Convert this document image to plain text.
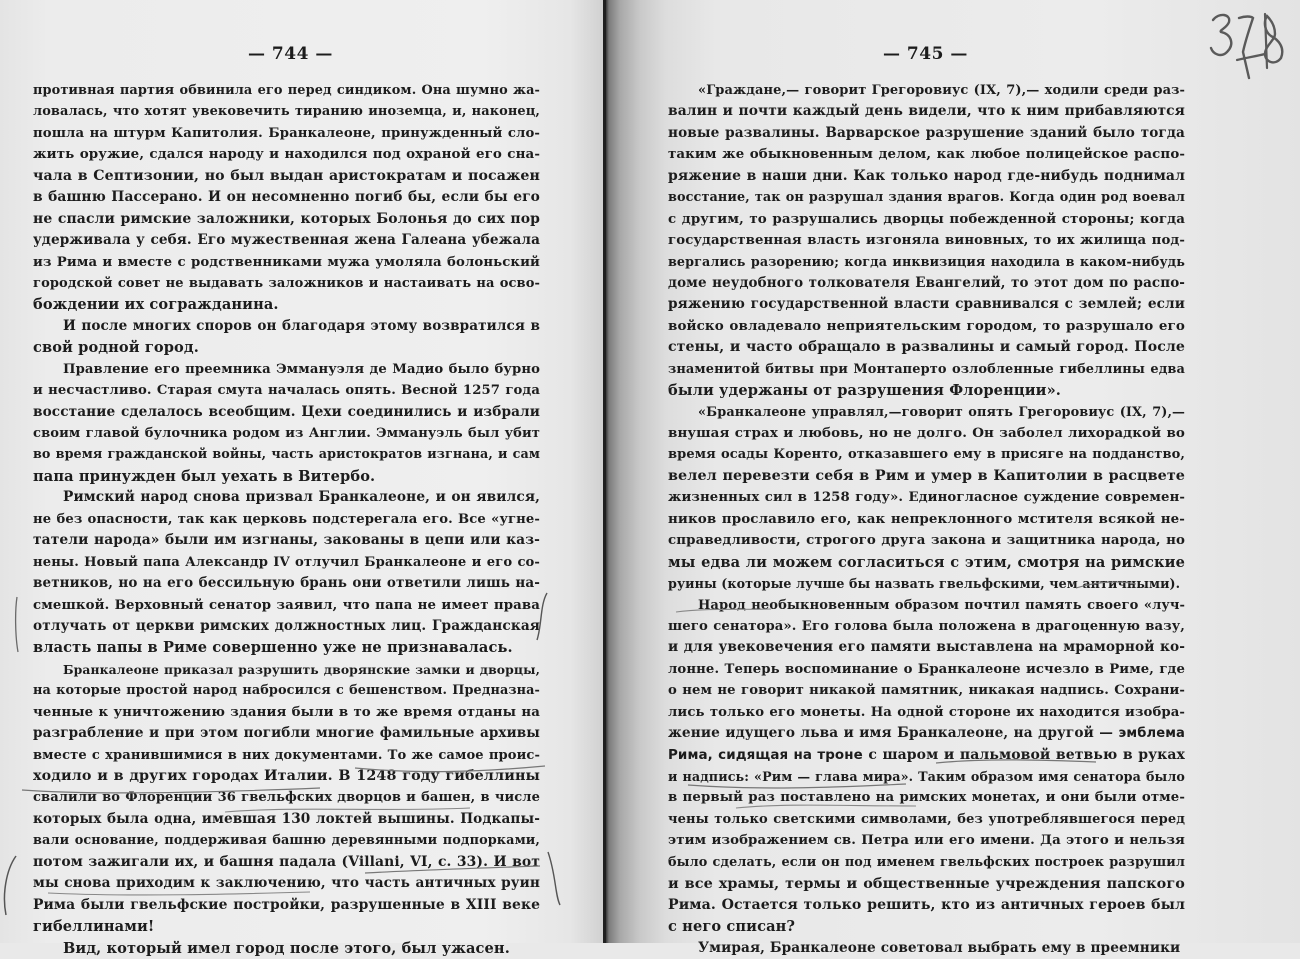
— 744 —
противная партия обвинила его перед синдиком. Она шумно жа-
ловалась, что хотят увековечить тиранию иноземца, и, наконец,
пошла на штурм Капитолия. Бранкалеоне, принужденный сло-
жить оружие, сдался народу и находился под охраной его сна-
чала в Септизонии, но был выдан аристократам и посажен
в башню Пассерано. И он несомненно погиб бы, если бы его
не спасли римские заложники, которых Болонья до сих пор
удерживала у себя. Его мужественная жена Галеана убежала
из Рима и вместе с родственниками мужа умоляла болоньский
городской совет не выдавать заложников и настаивать на осво-
бождении их согражданина.
И после многих споров он благодаря этому возвратился в
свой родной город.
Правление его преемника Эммануэля де Мадио было бурно
и несчастливо. Старая смута началась опять. Весной 1257 года
восстание сделалось всеобщим. Цехи соединились и избрали
своим главой булочника родом из Англии. Эммануэль был убит
во время гражданской войны, часть аристократов изгнана, и сам
папа принужден был уехать в Витербо.
Римский народ снова призвал Бранкалеоне, и он явился,
не без опасности, так как церковь подстерегала его. Все «угне-
татели народа» были им изгнаны, закованы в цепи или каз-
нены. Новый папа Александр IV отлучил Бранкалеоне и его со-
ветников, но на его бессильную брань они ответили лишь на-
смешкой. Верховный сенатор заявил, что папа не имеет права
отлучать от церкви римских должностных лиц. Гражданская
власть папы в Риме совершенно уже не признавалась.
Бранкалеоне приказал разрушить дворянские замки и дворцы,
на которые простой народ набросился с бешенством. Предназна-
ченные к уничтожению здания были в то же время отданы на
разграбление и при этом погибли многие фамильные архивы
вместе с хранившимися в них документами. То же самое проис-
ходило и в других городах Италии. В 1248 году гибеллины
свалили во Флоренции 36 гвельфских дворцов и башен, в числе
которых была одна, имевшая 130 локтей вышины. Подкапы-
вали основание, поддерживая башню деревянными подпорками,
потом зажигали их, и башня падала (Villani, VI, c. 33). И вот
мы снова приходим к заключению, что часть античных руин
Рима были гвельфские постройки, разрушенные в XIII веке
гибеллинами!
Вид, который имел город после этого, был ужасен.
— 745 —
«Граждане,— говорит Грегоровиус (IX, 7),— ходили среди раз-
валин и почти каждый день видели, что к ним прибавляются
новые развалины. Варварское разрушение зданий было тогда
таким же обыкновенным делом, как любое полицейское распо-
ряжение в наши дни. Как только народ где-нибудь поднимал
восстание, так он разрушал здания врагов. Когда один род воевал
с другим, то разрушались дворцы побежденной стороны; когда
государственная власть изгоняла виновных, то их жилища под-
вергались разорению; когда инквизиция находила в каком-нибудь
доме неудобного толкователя Евангелий, то этот дом по распо-
ряжению государственной власти сравнивался с землей; если
войско овладевало неприятельским городом, то разрушало его
стены, и часто обращало в развалины и самый город. После
знаменитой битвы при Монтаперто озлобленные гибеллины едва
были удержаны от разрушения Флоренции».
«Бранкалеоне управлял,—говорит опять Грегоровиус (IX, 7),—
внушая страх и любовь, но не долго. Он заболел лихорадкой во
время осады Коренто, отказавшего ему в присяге на подданство,
велел перевезти себя в Рим и умер в Капитолии в расцвете
жизненных сил в 1258 году». Единогласное суждение современ-
ников прославило его, как непреклонного мстителя всякой не-
справедливости, строгого друга закона и защитника народа, но
мы едва ли можем согласиться с этим, смотря на римские
руины (которые лучше бы назвать гвельфскими, чем античными).
Народ необыкновенным образом почтил память своего «луч-
шего сенатора». Его голова была положена в драгоценную вазу,
и для увековечения его памяти выставлена на мраморной ко-
лонне. Теперь воспоминание о Бранкалеоне исчезло в Риме, где
о нем не говорит никакой памятник, никакая надпись. Сохрани-
лись только его монеты. На одной стороне их находится изобра-
жение идущего льва и имя Бранкалеоне, на другой — эмблема
Рима, сидящая на троне с шаром и пальмовой ветвью в руках
и надпись: «Рим — глава мира». Таким образом имя сенатора было
в первый раз поставлено на римских монетах, и они были отме-
чены только светскими символами, без употреблявшегося перед
этим изображением св. Петра или его имени. Да этого и нельзя
было сделать, если он под именем гвельфских построек разрушил
и все храмы, термы и общественные учреждения папского
Рима. Остается только решить, кто из античных героев был
с него списан?
Умирая, Бранкалеоне советовал выбрать ему в преемники
